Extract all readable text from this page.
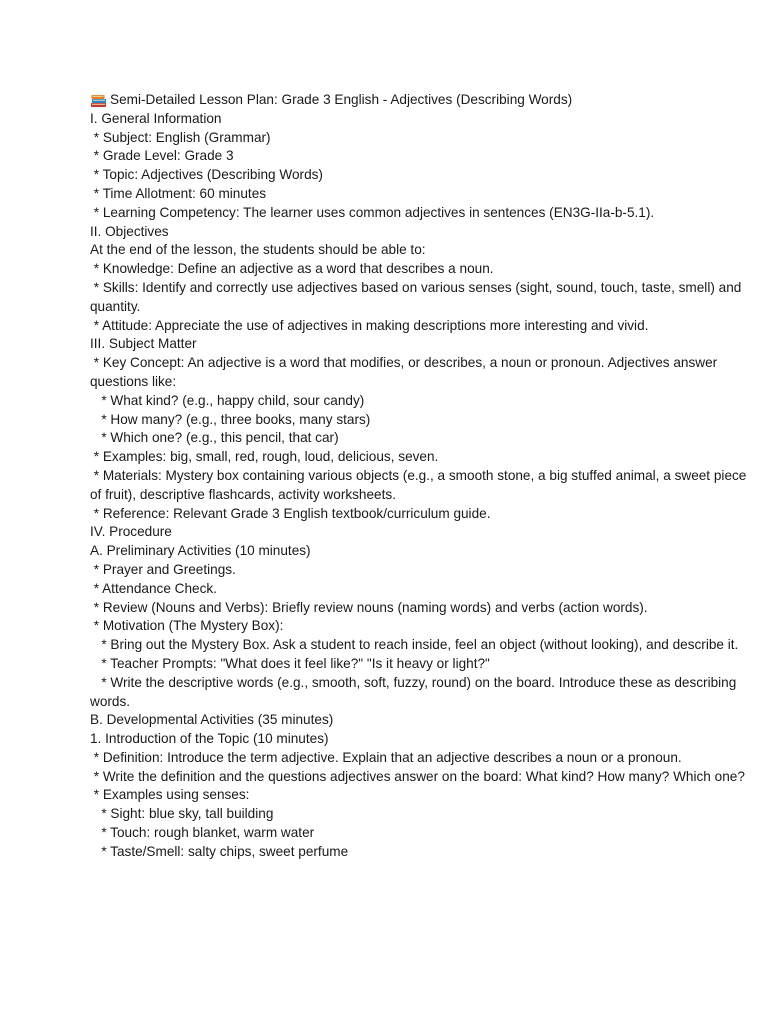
Semi-Detailed Lesson Plan: Grade 3 English - Adjectives (Describing Words)
I. General Information
* Subject: English (Grammar)
* Grade Level: Grade 3
* Topic: Adjectives (Describing Words)
* Time Allotment: 60 minutes
* Learning Competency: The learner uses common adjectives in sentences (EN3G-IIa-b-5.1).
II. Objectives
At the end of the lesson, the students should be able to:
* Knowledge: Define an adjective as a word that describes a noun.
* Skills: Identify and correctly use adjectives based on various senses (sight, sound, touch, taste, smell) and quantity.
* Attitude: Appreciate the use of adjectives in making descriptions more interesting and vivid.
III. Subject Matter
* Key Concept: An adjective is a word that modifies, or describes, a noun or pronoun. Adjectives answer questions like:
* What kind? (e.g., happy child, sour candy)
* How many? (e.g., three books, many stars)
* Which one? (e.g., this pencil, that car)
* Examples: big, small, red, rough, loud, delicious, seven.
* Materials: Mystery box containing various objects (e.g., a smooth stone, a big stuffed animal, a sweet piece of fruit), descriptive flashcards, activity worksheets.
* Reference: Relevant Grade 3 English textbook/curriculum guide.
IV. Procedure
A. Preliminary Activities (10 minutes)
* Prayer and Greetings.
* Attendance Check.
* Review (Nouns and Verbs): Briefly review nouns (naming words) and verbs (action words).
* Motivation (The Mystery Box):
* Bring out the Mystery Box. Ask a student to reach inside, feel an object (without looking), and describe it.
* Teacher Prompts: "What does it feel like?" "Is it heavy or light?"
* Write the descriptive words (e.g., smooth, soft, fuzzy, round) on the board. Introduce these as describing words.
B. Developmental Activities (35 minutes)
1. Introduction of the Topic (10 minutes)
* Definition: Introduce the term adjective. Explain that an adjective describes a noun or a pronoun.
* Write the definition and the questions adjectives answer on the board: What kind? How many? Which one?
* Examples using senses:
* Sight: blue sky, tall building
* Touch: rough blanket, warm water
* Taste/Smell: salty chips, sweet perfume
